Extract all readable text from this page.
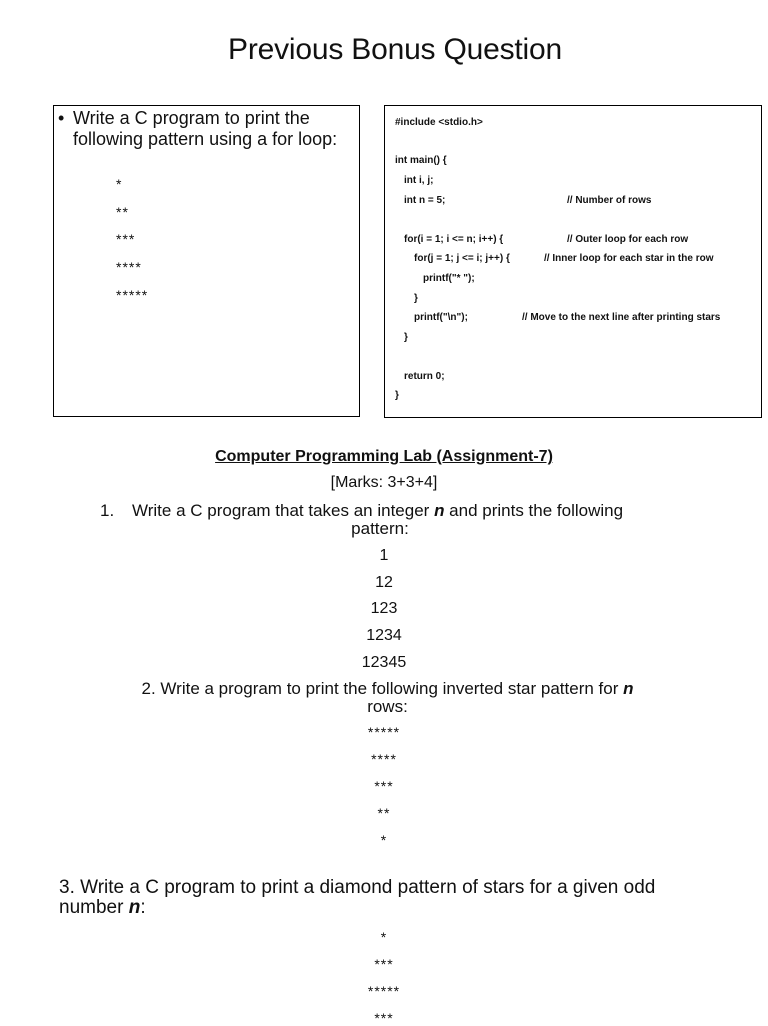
Previous Bonus Question
• Write a C program to print the following pattern using a for loop:
*
**
***
****
*****
#include <stdio.h>
int main() {
int i, j;
int n = 5;	// Number of rows
for(i = 1; i <= n; i++) {	// Outer loop for each row
for(j = 1; j <= i; j++) {	// Inner loop for each star in the row
printf("* ");
}
printf("\n");	// Move to the next line after printing stars
}
return 0;
}
Computer Programming Lab (Assignment-7)
[Marks: 3+3+4]
1. Write a C program that takes an integer n and prints the following
pattern:
1
12
123
1234
12345
2. Write a program to print the following inverted star pattern for n
rows:
*****
****
***
**
*
3. Write a C program to print a diamond pattern of stars for a given odd
number n:
*
***
*****
***
